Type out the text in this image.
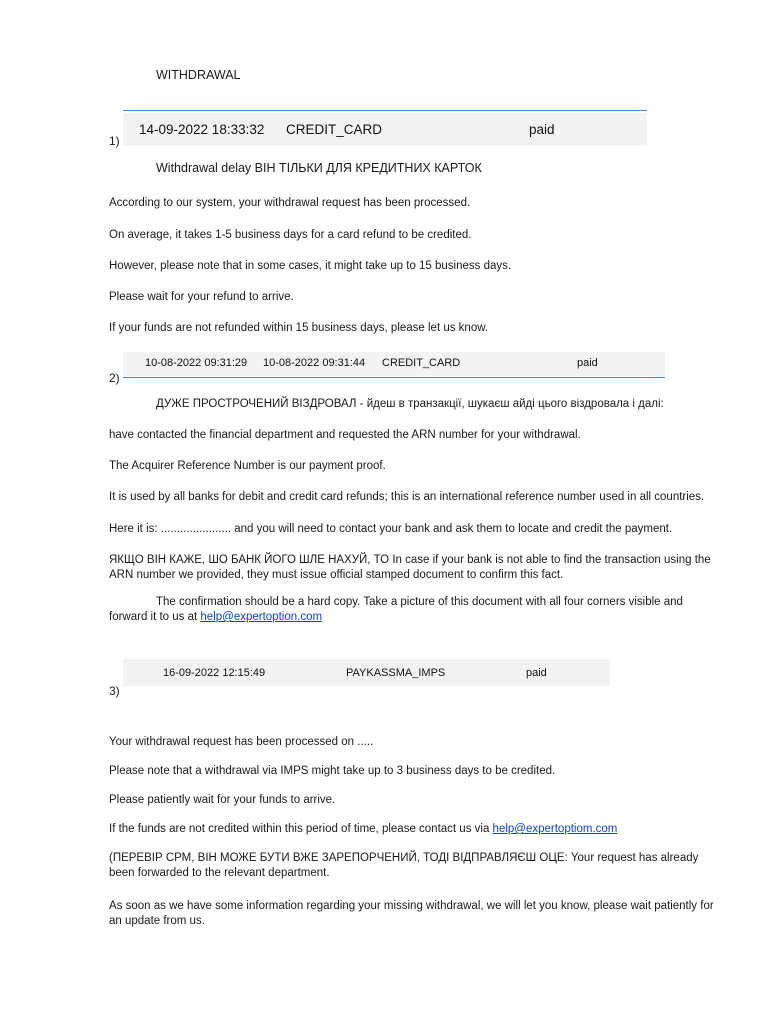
WITHDRAWAL
14-09-2022 18:33:32 CREDIT_CARD	paid
1)
Withdrawal delay ВІН ТІЛЬКИ ДЛЯ КРЕДИТНИХ КАРТОК
According to our system, your withdrawal request has been processed.
On average, it takes 1-5 business days for a card refund to be credited.
However, please note that in some cases, it might take up to 15 business days.
Please wait for your refund to arrive.
If your funds are not refunded within 15 business days, please let us know.
10-08-2022 09:31:29 10-08-2022 09:31:44 CREDIT_CARD	paid
2)
ДУЖЕ ПРОСТРОЧЕНИЙ ВІЗДРОВАЛ - йдеш в транзакції, шукаєш айді цього віздровала і далі:
have contacted the financial department and requested the ARN number for your withdrawal.
The Acquirer Reference Number is our payment proof.
It is used by all banks for debit and credit card refunds; this is an international reference number used in all countries.
Here it is: ...................... and you will need to contact your bank and ask them to locate and credit the payment.
ЯКЩО ВІН КАЖЕ, ШО БАНК ЙОГО ШЛЕ НАХУЙ, ТО In case if your bank is not able to find the transaction using the ARN number we provided, they must issue official stamped document to confirm this fact.
The confirmation should be a hard copy. Take a picture of this document with all four corners visible and forward it to us at help@expertoption.com
16-09-2022 12:15:49	PAYKASSMA_IMPS	paid
3)
Your withdrawal request has been processed on .....
Please note that a withdrawal via IMPS might take up to 3 business days to be credited.
Please patiently wait for your funds to arrive.
If the funds are not credited within this period of time, please contact us via help@expertoptiom.com
(ПЕРЕВІР СРМ, ВІН МОЖЕ БУТИ ВЖЕ ЗАРЕПОРЧЕНИЙ, ТОДІ ВІДПРАВЛЯЄШ ОЦЕ: Your request has already been forwarded to the relevant department.
As soon as we have some information regarding your missing withdrawal, we will let you know, please wait patiently for an update from us.
